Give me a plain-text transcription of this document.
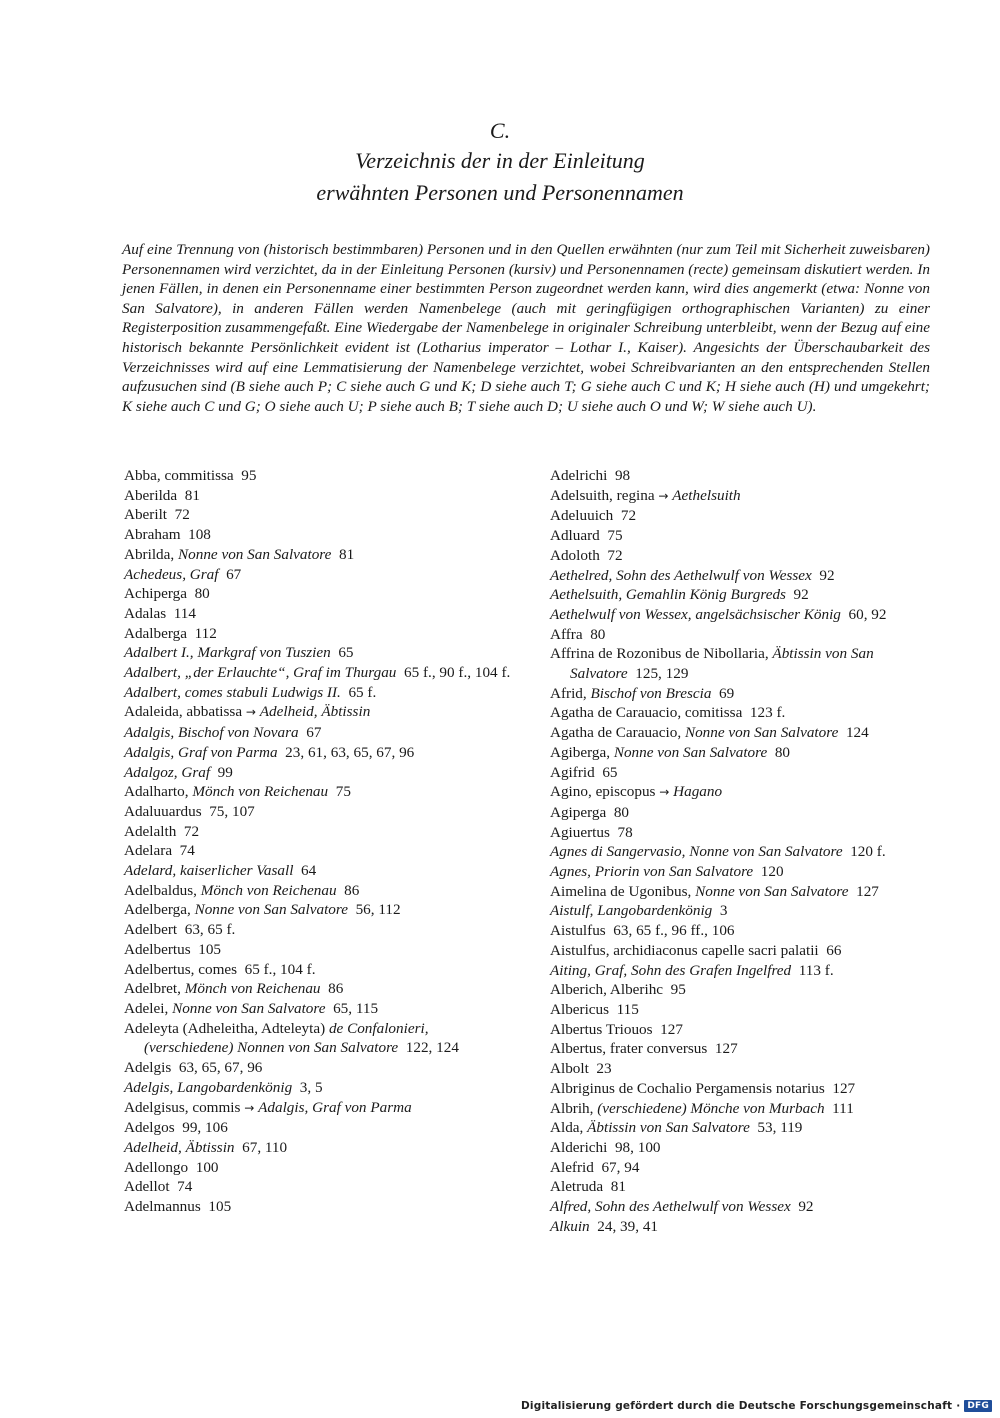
C.
Verzeichnis der in der Einleitung
erwähnten Personen und Personennamen
Auf eine Trennung von (historisch bestimmbaren) Personen und in den Quellen erwähnten (nur zum Teil mit Sicherheit zuweisbaren) Personennamen wird verzichtet, da in der Einleitung Personen (kursiv) und Personennamen (recte) gemeinsam diskutiert werden. In jenen Fällen, in denen ein Personenname einer bestimmten Person zugeordnet werden kann, wird dies angemerkt (etwa: Nonne von San Salvatore), in anderen Fällen werden Namenbelege (auch mit geringfügigen orthographischen Varianten) zu einer Registerposition zusammengefaßt. Eine Wiedergabe der Namenbelege in originaler Schreibung unterbleibt, wenn der Bezug auf eine historisch bekannte Persönlichkeit evident ist (Lotharius imperator – Lothar I., Kaiser). Angesichts der Überschaubarkeit des Verzeichnisses wird auf eine Lemmatisierung der Namenbelege verzichtet, wobei Schreibvarianten an den entsprechenden Stellen aufzusuchen sind (B siehe auch P; C siehe auch G und K; D siehe auch T; G siehe auch C und K; H siehe auch (H) und umgekehrt; K siehe auch C und G; O siehe auch U; P siehe auch B; T siehe auch D; U siehe auch O und W; W siehe auch U).
Abba, commitissa  95
Aberilda  81
Aberilt  72
Abraham  108
Abrilda, Nonne von San Salvatore  81
Achedeus, Graf  67
Achiperga  80
Adalas  114
Adalberga  112
Adalbert I., Markgraf von Tuszien  65
Adalbert, „der Erlauchte“, Graf im Thurgau  65 f., 90 f., 104 f.
Adalbert, comes stabuli Ludwigs II.  65 f.
Adaleida, abbatissa → Adelheid, Äbtissin
Adalgis, Bischof von Novara  67
Adalgis, Graf von Parma  23, 61, 63, 65, 67, 96
Adalgoz, Graf  99
Adalharto, Mönch von Reichenau  75
Adaluuardus  75, 107
Adelalth  72
Adelara  74
Adelard, kaiserlicher Vasall  64
Adelbaldus, Mönch von Reichenau  86
Adelberga, Nonne von San Salvatore  56, 112
Adelbert  63, 65 f.
Adelbertus  105
Adelbertus, comes  65 f., 104 f.
Adelbret, Mönch von Reichenau  86
Adelei, Nonne von San Salvatore  65, 115
Adeleyta (Adheleitha, Adteleyta) de Confalonieri, (verschiedene) Nonnen von San Salvatore  122, 124
Adelgis  63, 65, 67, 96
Adelgis, Langobardenkönig  3, 5
Adelgisus, commis → Adalgis, Graf von Parma
Adelgos  99, 106
Adelheid, Äbtissin  67, 110
Adellongo  100
Adellot  74
Adelmannus  105
Adelrichi  98
Adelsuith, regina → Aethelsuith
Adeluuich  72
Adluard  75
Adoloth  72
Aethelred, Sohn des Aethelwulf von Wessex  92
Aethelsuith, Gemahlin König Burgreds  92
Aethelwulf von Wessex, angelsächsischer König  60, 92
Affra  80
Affrina de Rozonibus de Nibollaria, Äbtissin von San Salvatore  125, 129
Afrid, Bischof von Brescia  69
Agatha de Carauacio, comitissa  123 f.
Agatha de Carauacio, Nonne von San Salvatore  124
Agiberga, Nonne von San Salvatore  80
Agifrid  65
Agino, episcopus → Hagano
Agiperga  80
Agiuertus  78
Agnes di Sangervasio, Nonne von San Salvatore  120 f.
Agnes, Priorin von San Salvatore  120
Aimelina de Ugonibus, Nonne von San Salvatore  127
Aistulf, Langobardenkönig  3
Aistulfus  63, 65 f., 96 ff., 106
Aistulfus, archidiaconus capelle sacri palatii  66
Aiting, Graf, Sohn des Grafen Ingelfred  113 f.
Alberich, Alberihc  95
Albericus  115
Albertus Triouos  127
Albertus, frater conversus  127
Albolt  23
Albriginus de Cochalio Pergamensis notarius  127
Albrih, (verschiedene) Mönche von Murbach  111
Alda, Äbtissin von San Salvatore  53, 119
Alderichi  98, 100
Alefrid  67, 94
Aletruda  81
Alfred, Sohn des Aethelwulf von Wessex  92
Alkuin  24, 39, 41
Digitalisierung gefördert durch die Deutsche Forschungsgemeinschaft · DFG
